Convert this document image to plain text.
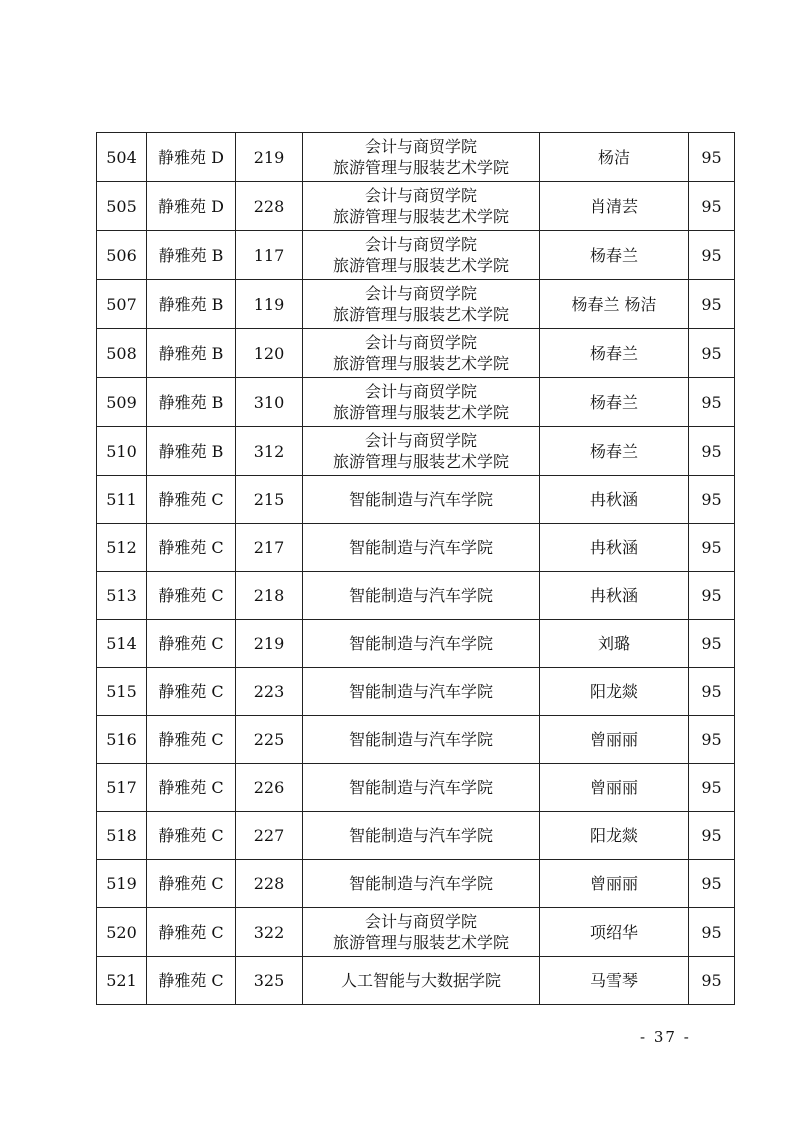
504	静雅苑 D	219	会计与商贸学院
旅游管理与服装艺术学院	杨洁	95
505	静雅苑 D	228	会计与商贸学院
旅游管理与服装艺术学院	肖清芸	95
506	静雅苑 B	117	会计与商贸学院
旅游管理与服装艺术学院	杨春兰	95
507	静雅苑 B	119	会计与商贸学院
旅游管理与服装艺术学院	杨春兰 杨洁	95
508	静雅苑 B	120	会计与商贸学院
旅游管理与服装艺术学院	杨春兰	95
509	静雅苑 B	310	会计与商贸学院
旅游管理与服装艺术学院	杨春兰	95
510	静雅苑 B	312	会计与商贸学院
旅游管理与服装艺术学院	杨春兰	95
511	静雅苑 C	215	智能制造与汽车学院	冉秋涵	95
512	静雅苑 C	217	智能制造与汽车学院	冉秋涵	95
513	静雅苑 C	218	智能制造与汽车学院	冉秋涵	95
514	静雅苑 C	219	智能制造与汽车学院	刘璐	95
515	静雅苑 C	223	智能制造与汽车学院	阳龙燚	95
516	静雅苑 C	225	智能制造与汽车学院	曾丽丽	95
517	静雅苑 C	226	智能制造与汽车学院	曾丽丽	95
518	静雅苑 C	227	智能制造与汽车学院	阳龙燚	95
519	静雅苑 C	228	智能制造与汽车学院	曾丽丽	95
520	静雅苑 C	322	会计与商贸学院
旅游管理与服装艺术学院	项绍华	95
521	静雅苑 C	325	人工智能与大数据学院	马雪琴	95
- 37 -
